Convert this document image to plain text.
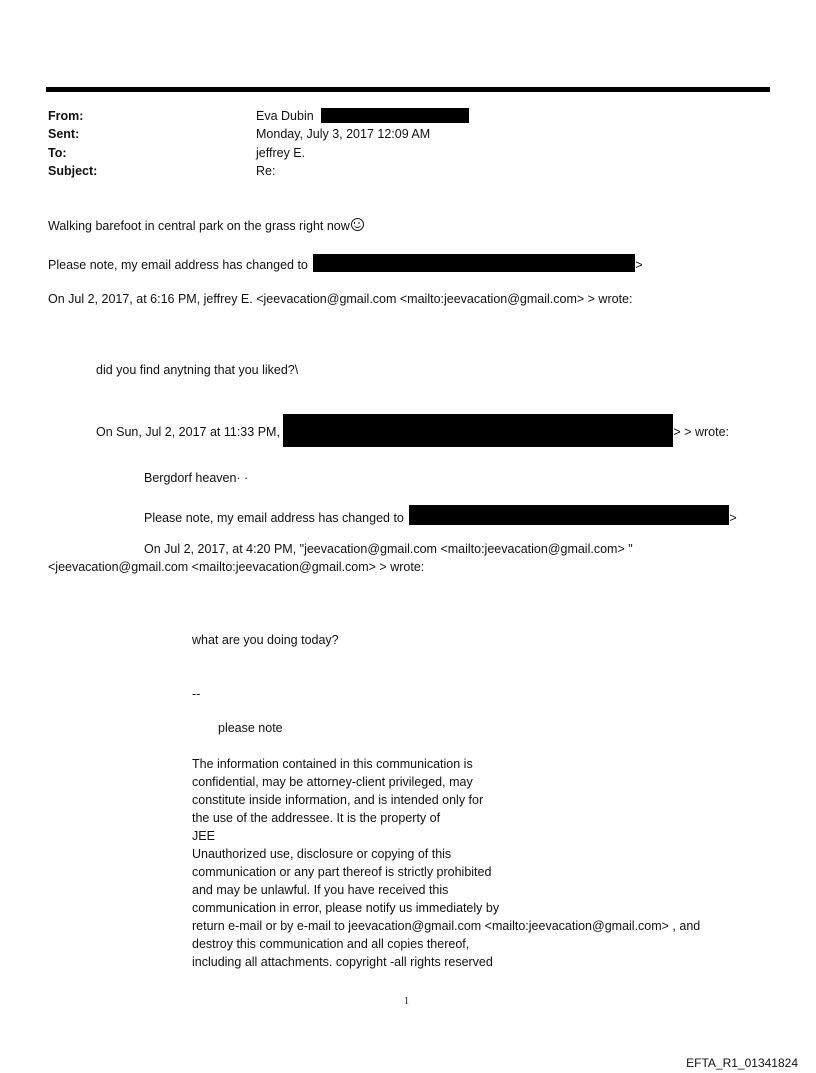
From:	Eva Dubin
Sent:	Monday, July 3, 2017 12:09 AM
To:	jeffrey E.
Subject:	Re:
Walking barefoot in central park on the grass right now
Please note, my email address has changed to	>
On Jul 2, 2017, at 6:16 PM, jeffrey E. <jeevacation@gmail.com <mailto:jeevacation@gmail.com> > wrote:
did you find anytning that you liked?\
On Sun, Jul 2, 2017 at 11:33 PM,	> > wrote:
Bergdorf heaven· ·
Please note, my email address has changed to	>
On Jul 2, 2017, at 4:20 PM, "jeevacation@gmail.com <mailto:jeevacation@gmail.com> "
<jeevacation@gmail.com <mailto:jeevacation@gmail.com> > wrote:
what are you doing today?
--
please note
The information contained in this communication is
confidential, may be attorney-client privileged, may
constitute inside information, and is intended only for
the use of the addressee. It is the property of
JEE
Unauthorized use, disclosure or copying of this
communication or any part thereof is strictly prohibited
and may be unlawful. If you have received this
communication in error, please notify us immediately by
return e-mail or by e-mail to jeevacation@gmail.com <mailto:jeevacation@gmail.com> , and
destroy this communication and all copies thereof,
including all attachments. copyright -all rights reserved
1
EFTA_R1_01341824
